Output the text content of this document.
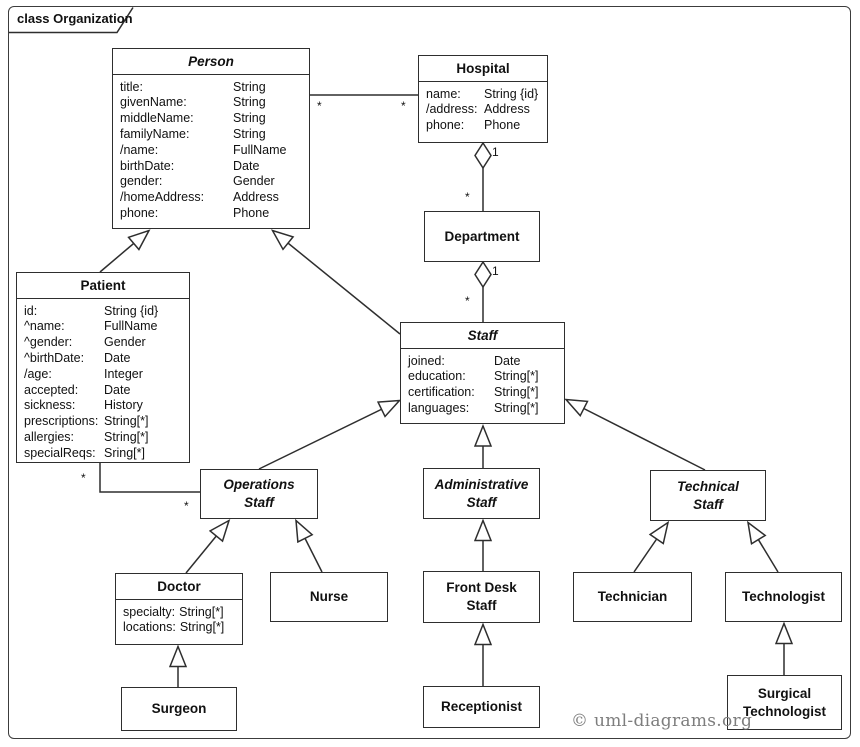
class Organization
Person
title:	String
givenName:	String
middleName:	String
familyName:	String
/name:	FullName
birthDate:	Date
gender:	Gender
/homeAddress: Address
phone:	Phone
Hospital
name: String {id}
/address: Address
phone: Phone
Department
Patient
id:	String {id}
^name:	FullName
^gender:	Gender
^birthDate: Date
/age:	Integer
accepted: Date
sickness: History
prescriptions: String[*]
allergies: String[*]
specialReqs: Sring[*]
Staff
joined:	Date
education: String[*]
certification: String[*]
languages: String[*]
Operations
Staff
Administrative
Staff
Technical
Staff
Doctor
specialty: String[*]
locations: String[*]
Nurse
Front Desk
Staff
Technician	Technologist
Surgeon	Receptionist
Surgical
Technologist
*	*
1
*
1
*
*
*
© uml-diagrams.org
